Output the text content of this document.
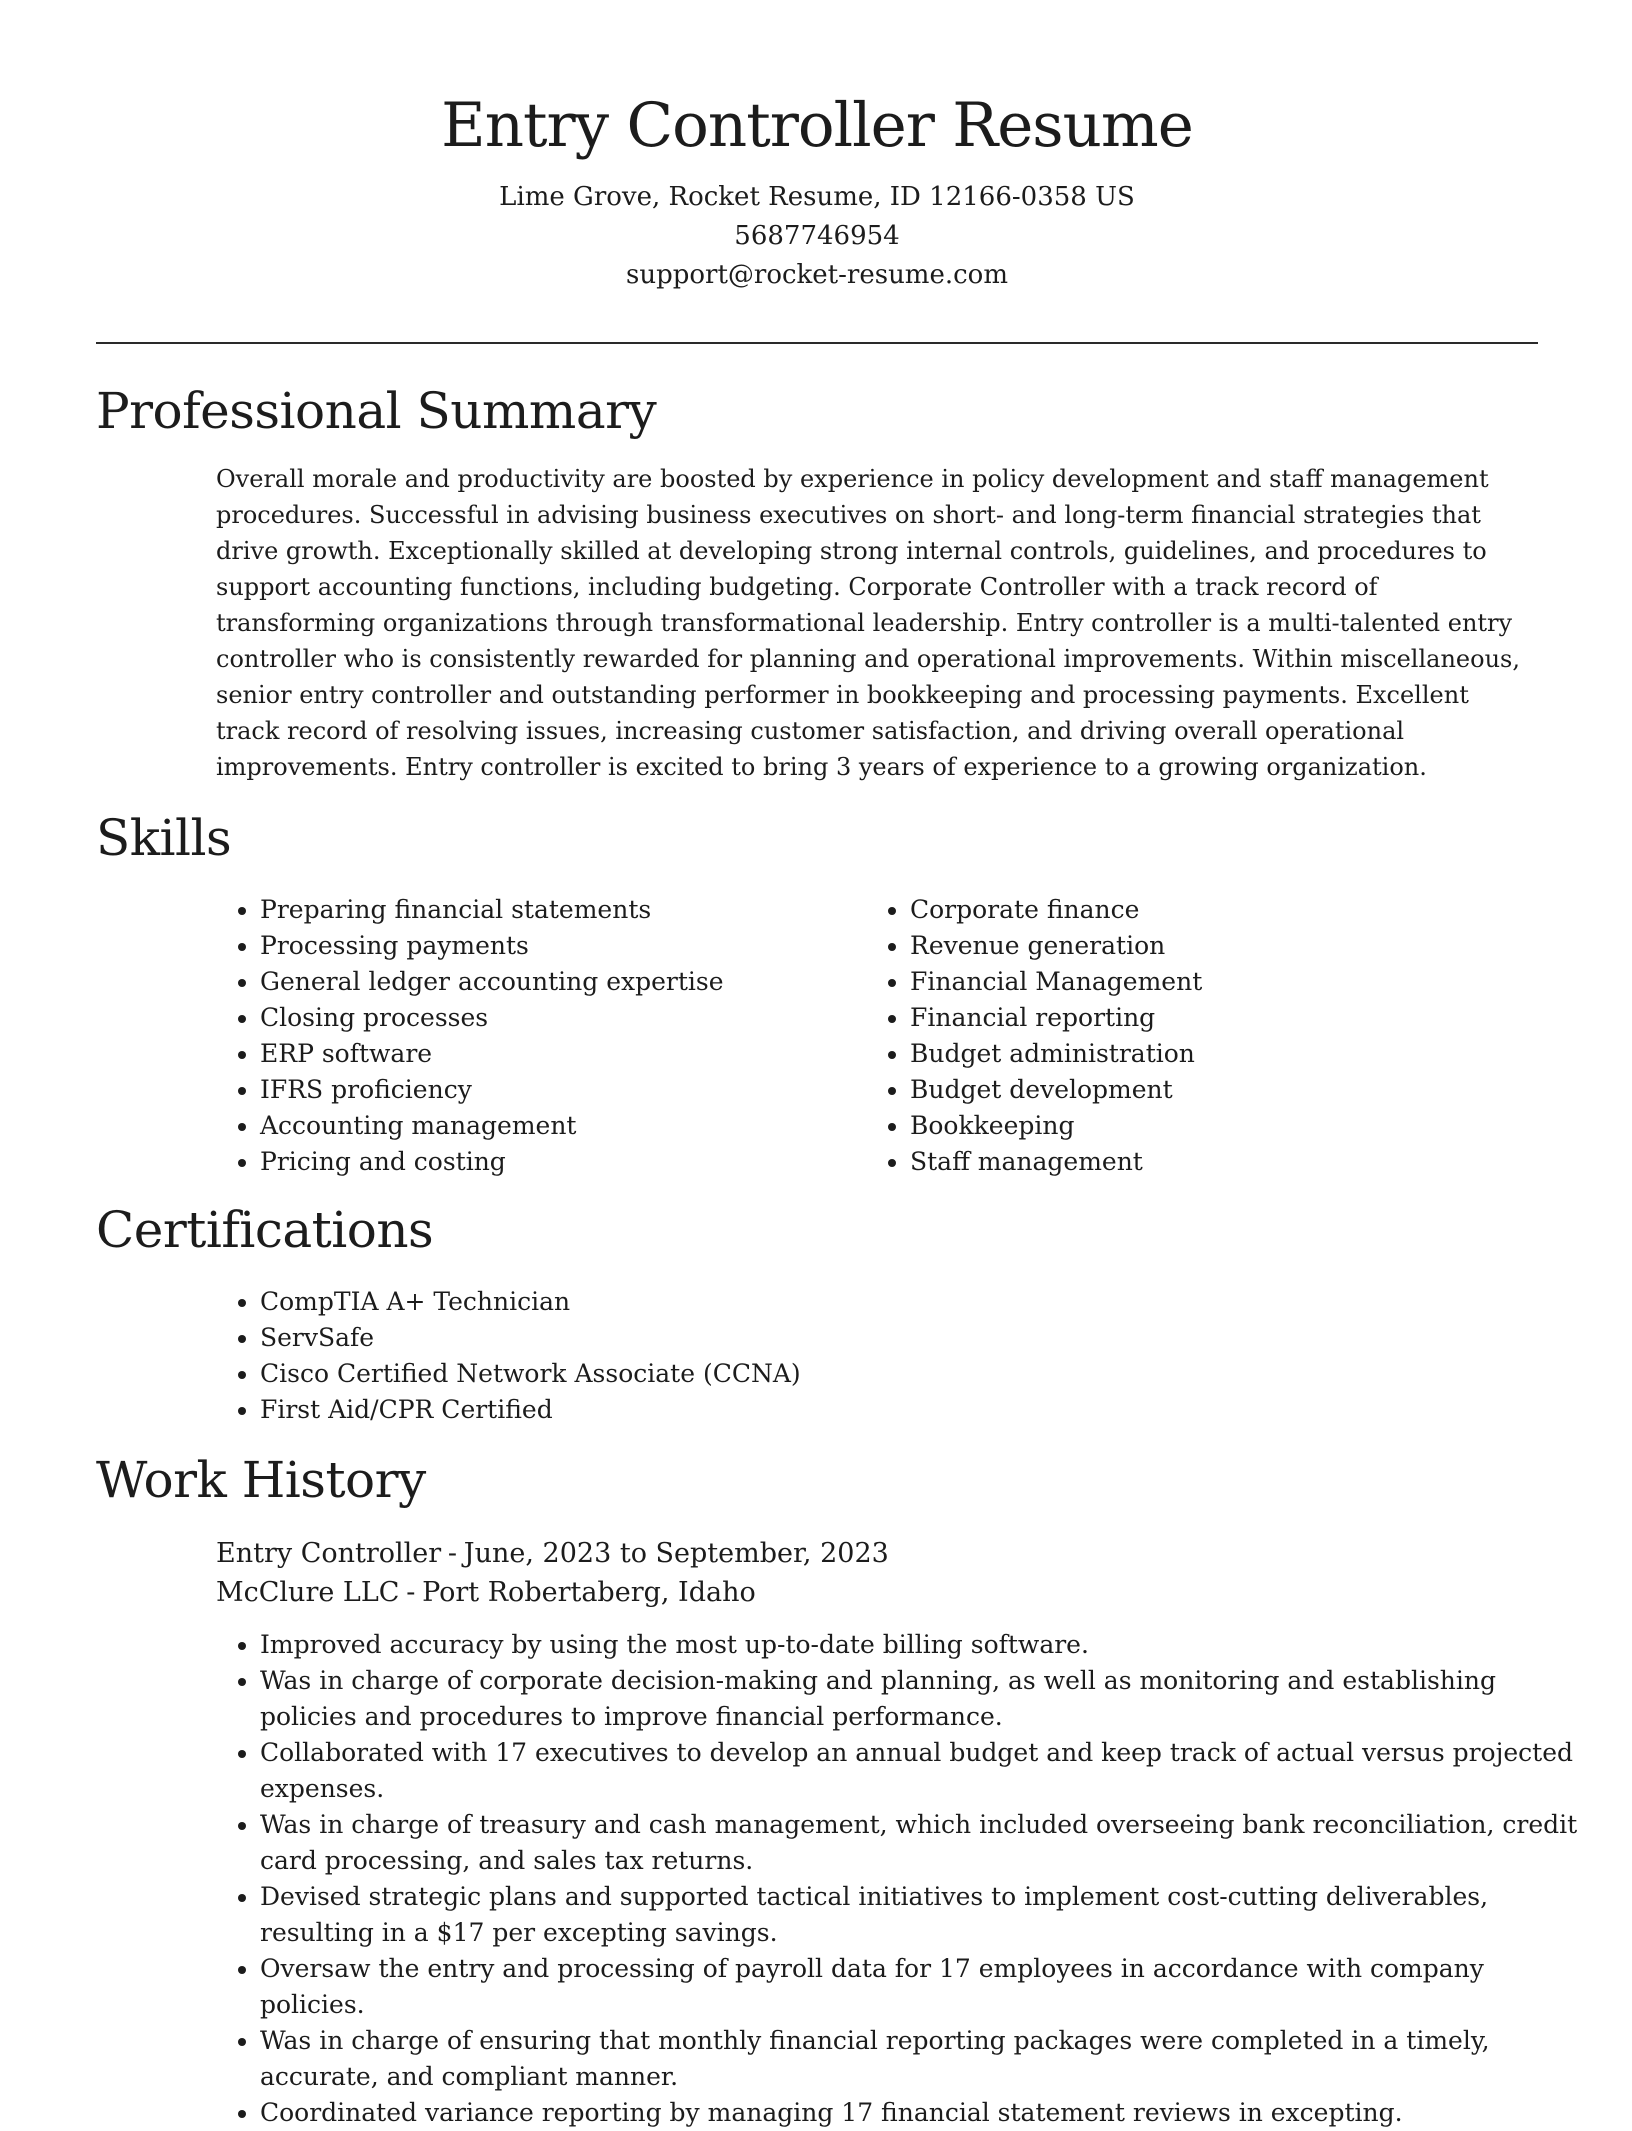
Entry Controller Resume
Lime Grove, Rocket Resume, ID 12166-0358 US
5687746954
support@rocket-resume.com
Professional Summary

Overall morale and productivity are boosted by experience in policy development and staff management procedures. Successful in advising business executives on short- and long-term financial strategies that drive growth. Exceptionally skilled at developing strong internal controls, guidelines, and procedures to support accounting functions, including budgeting. Corporate Controller with a track record of transforming organizations through transformational leadership. Entry controller is a multi-talented entry controller who is consistently rewarded for planning and operational improvements. Within miscellaneous, senior entry controller and outstanding performer in bookkeeping and processing payments. Excellent track record of resolving issues, increasing customer satisfaction, and driving overall operational improvements. Entry controller is excited to bring 3 years of experience to a growing organization.

Skills
• Preparing financial statements
• Processing payments
• General ledger accounting expertise
• Closing processes
• ERP software
• IFRS proficiency
• Accounting management
• Pricing and costing
• Corporate finance
• Revenue generation
• Financial Management
• Financial reporting
• Budget administration
• Budget development
• Bookkeeping
• Staff management
Certifications
• CompTIA A+ Technician
• ServSafe
• Cisco Certified Network Associate (CCNA)
• First Aid/CPR Certified
Work History
Entry Controller - June, 2023 to September, 2023
McClure LLC - Port Robertaberg, Idaho
• Improved accuracy by using the most up-to-date billing software.
• Was in charge of corporate decision-making and planning, as well as monitoring and establishing policies and procedures to improve financial performance.
• Collaborated with 17 executives to develop an annual budget and keep track of actual versus projected expenses.
• Was in charge of treasury and cash management, which included overseeing bank reconciliation, credit card processing, and sales tax returns.
• Devised strategic plans and supported tactical initiatives to implement cost-cutting deliverables, resulting in a $17 per excepting savings.
• Oversaw the entry and processing of payroll data for 17 employees in accordance with company policies.
• Was in charge of ensuring that monthly financial reporting packages were completed in a timely, accurate, and compliant manner.
• Coordinated variance reporting by managing 17 financial statement reviews in excepting.
